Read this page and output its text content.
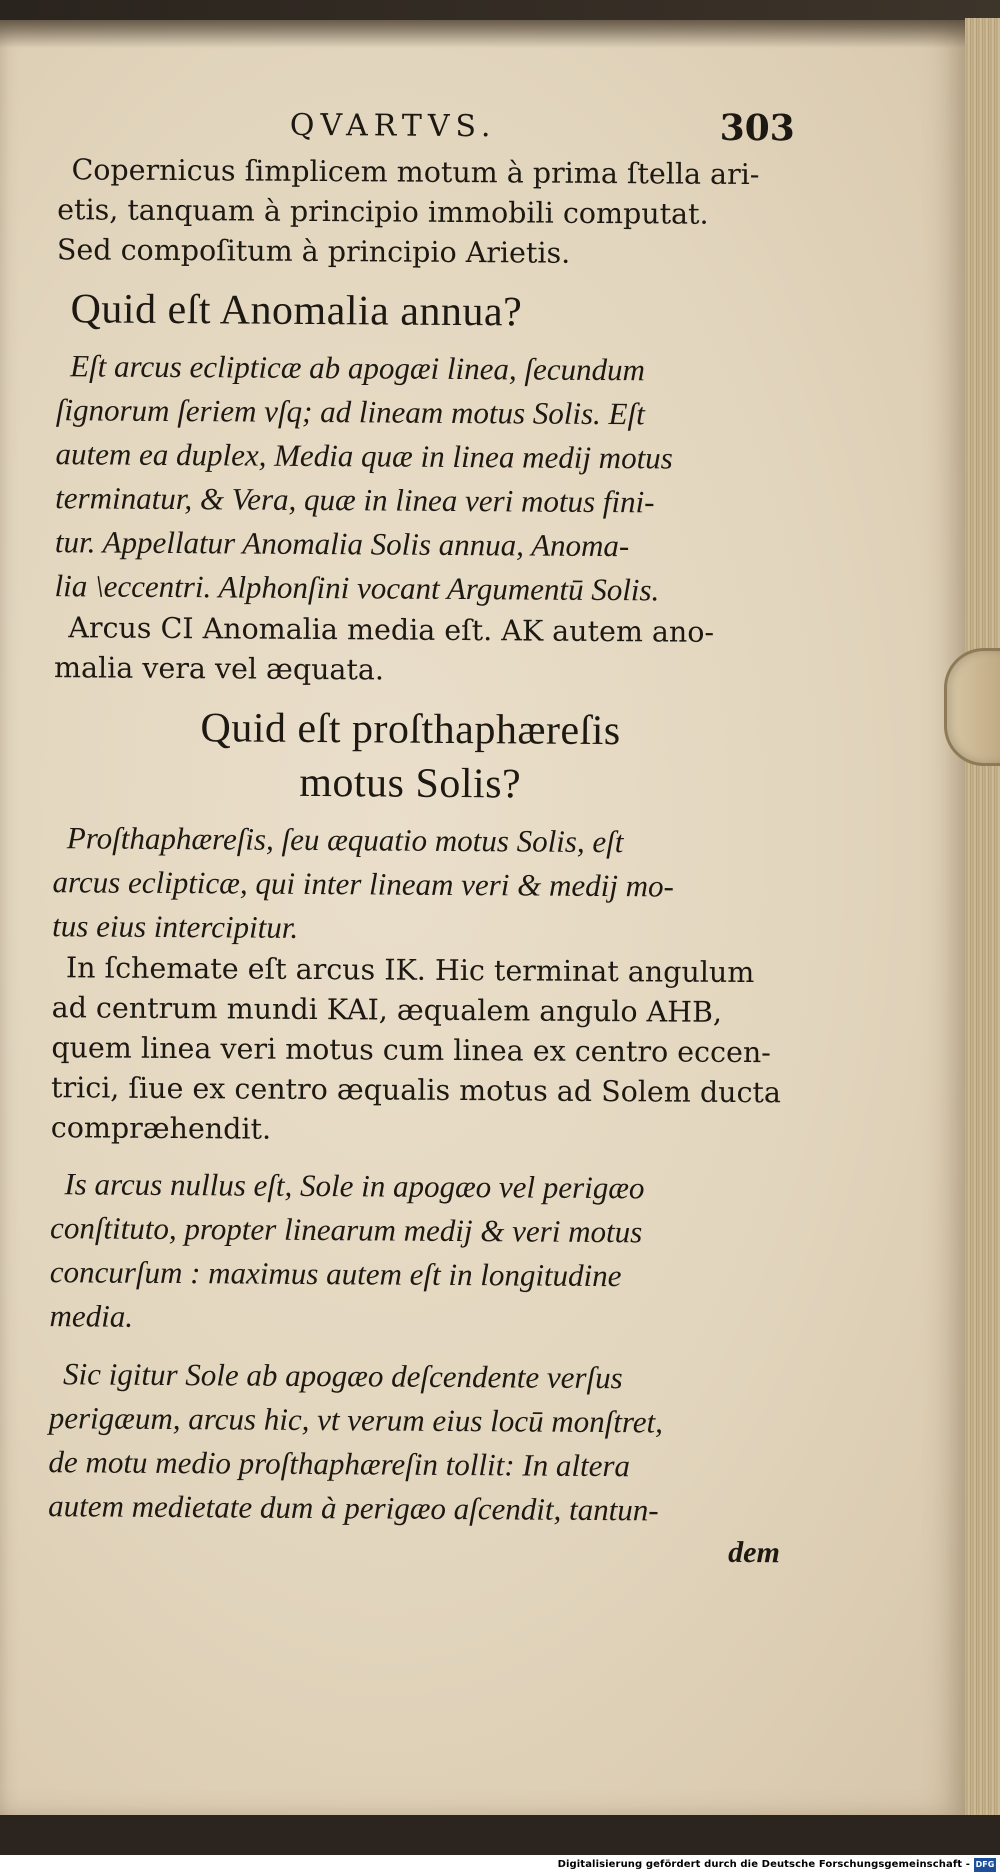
QVARTVS.	303
Copernicus ſimplicem motum à prima ſtella ari-
etis, tanquam à principio immobili computat.
Sed compoſitum à principio Arietis.
Quid eſt Anomalia annua?
Eſt arcus eclipticæ ab apogæi linea, ſecundum
ſignorum ſeriem vſq; ad lineam motus Solis. Eſt
autem ea duplex, Media quæ in linea medij motus
terminatur, & Vera, quæ in linea veri motus fini-
tur. Appellatur Anomalia Solis annua, Anoma-
lia \eccentri. Alphonſini vocant Argumentū Solis.
Arcus CI Anomalia media eſt. AK autem ano-
malia vera vel æquata.
Quid eſt proſthaphæreſis
motus Solis?
Proſthaphæreſis, ſeu æquatio motus Solis, eſt
arcus eclipticæ, qui inter lineam veri & medij mo-
tus eius intercipitur.
In ſchemate eſt arcus IK. Hic terminat angulum
ad centrum mundi KAI, æqualem angulo AHB,
quem linea veri motus cum linea ex centro eccen-
trici, ſiue ex centro æqualis motus ad Solem ducta
compræhendit.
Is arcus nullus eſt, Sole in apogæo vel perigæo
conſtituto, propter linearum medij & veri motus
concurſum : maximus autem eſt in longitudine
media.
Sic igitur Sole ab apogæo deſcendente verſus
perigæum, arcus hic, vt verum eius locū monſtret,
de motu medio proſthaphæreſin tollit: In altera
autem medietate dum à perigæo aſcendit, tantun-
dem
Digitalisierung gefördert durch die Deutsche Forschungsgemeinschaft - DFG
